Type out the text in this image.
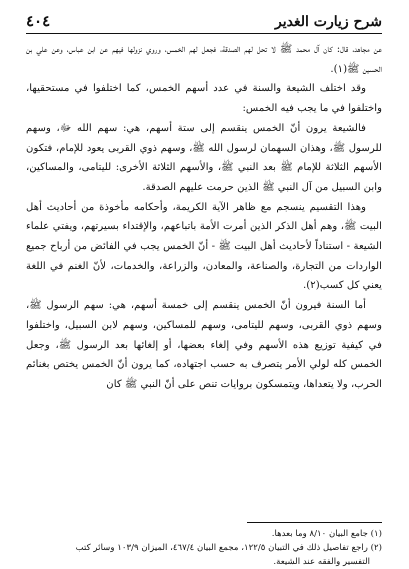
٤٠٤	شرح زيارت الغدير

عن مجاهد، قال: كان آل محمد ﷺ لا تحل لهم الصدقة، فجعل لهم الخمس، وروي نزولها فيهم عن ابن عباس، وعن علي بن الحسين ﷺ(١).

وقد اختلف الشيعة والسنة في عدد أسهم الخمس، كما اختلفوا في مستحقيها، واختلفوا في ما يجب فيه الخمس:

فالشيعة يرون أنّ الخمس ينقسم إلى ستة أسهم، هي: سهم الله ﷻ، وسهم للرسول ﷺ، وهذان السهمان لرسول الله ﷺ، وسهم ذوي القربى يعود للإمام، فتكون الأسهم الثلاثة للإمام ﷺ بعد النبي ﷺ، والأسهم الثلاثة الأخرى: لليتامى، والمساكين، وابن السبيل من آل النبي ﷺ الذين حرمت عليهم الصدقة.

وهذا التقسيم ينسجم مع ظاهر الآية الكريمة، وأحكامه مأخوذة من أحاديث أهل البيت ﷺ، وهم أهل الذكر الذين أمرت الأمة باتباعهم، والإقتداء بسيرتهم، ويفتي علماء الشيعة - استناداً لأحاديث أهل البيت ﷺ - أنّ الخمس يجب في الفائض من أرباح جميع الواردات من التجارة، والصناعة، والمعادن، والزراعة، والخدمات، لأنّ الغنم في اللغة يعني كل كسب(٢).

أما السنة فيرون أنّ الخمس ينقسم إلى خمسة أسهم، هي: سهم الرسول ﷺ، وسهم ذوي القربى، وسهم لليتامى، وسهم للمساكين، وسهم لابن السبيل، واختلفوا في كيفية توزيع هذه الأسهم وفي إلغاء بعضها، أو إلغائها بعد الرسول ﷺ، وجعل الخمس كله لولي الأمر يتصرف به حسب اجتهاده، كما يرون أنّ الخمس يختص بغنائم الحرب، ولا يتعداها، ويتمسكون بروايات تنص على أنّ النبي ﷺ كان

(١) جامع البيان ٨/١٠ وما بعدها.

(٢) راجع تفاصيل ذلك في التبيان ١٢٢/٥، مجمع البيان ٤٦٧/٤، الميزان ١٠٣/٩ وسائر كتب

التفسير والفقه عند الشيعة.
